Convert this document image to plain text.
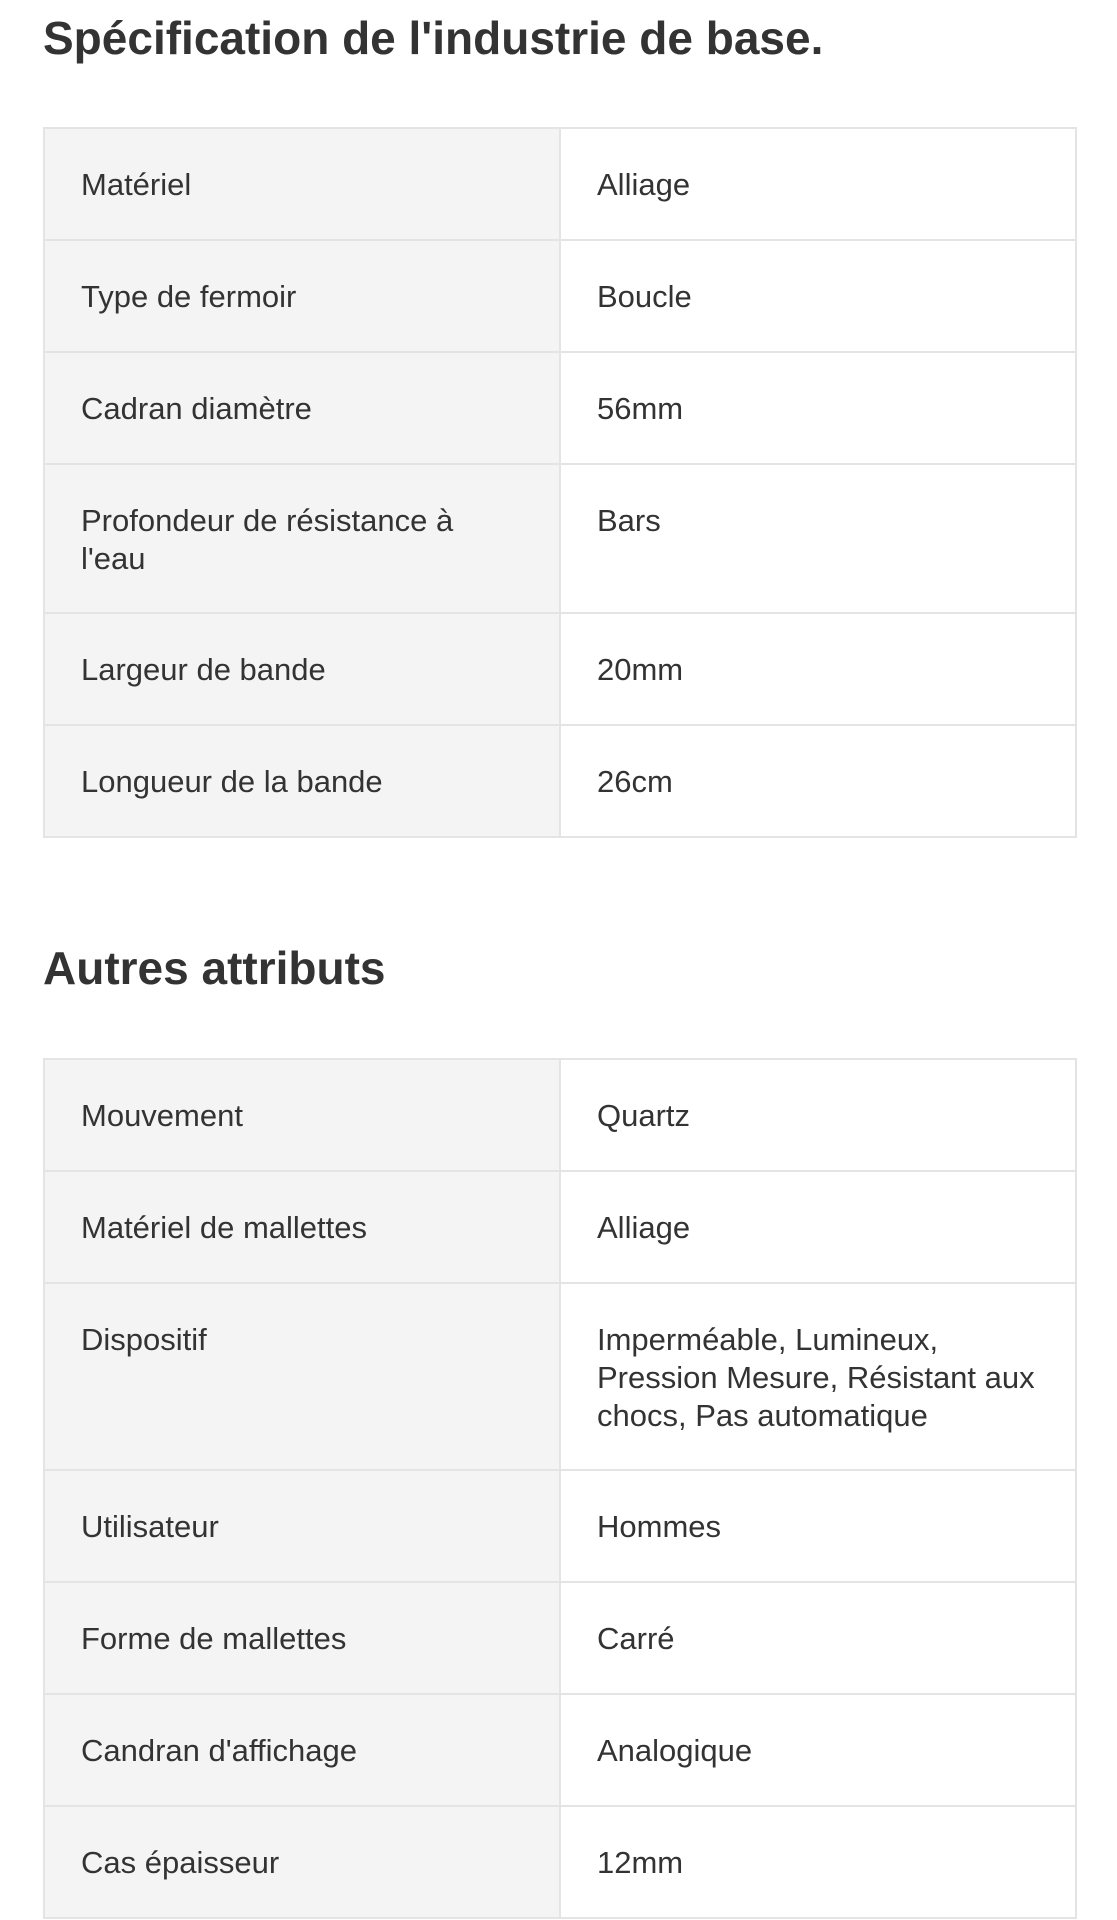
Spécification de l'industrie de base.
Matériel	Alliage
Type de fermoir	Boucle
Cadran diamètre	56mm
Profondeur de résistance à l'eau	Bars
Largeur de bande	20mm
Longueur de la bande	26cm
Autres attributs
Mouvement	Quartz
Matériel de mallettes	Alliage
Dispositif	Imperméable, Lumineux, Pression Mesure, Résistant aux chocs, Pas automatique
Utilisateur	Hommes
Forme de mallettes	Carré
Candran d'affichage	Analogique
Cas épaisseur	12mm
